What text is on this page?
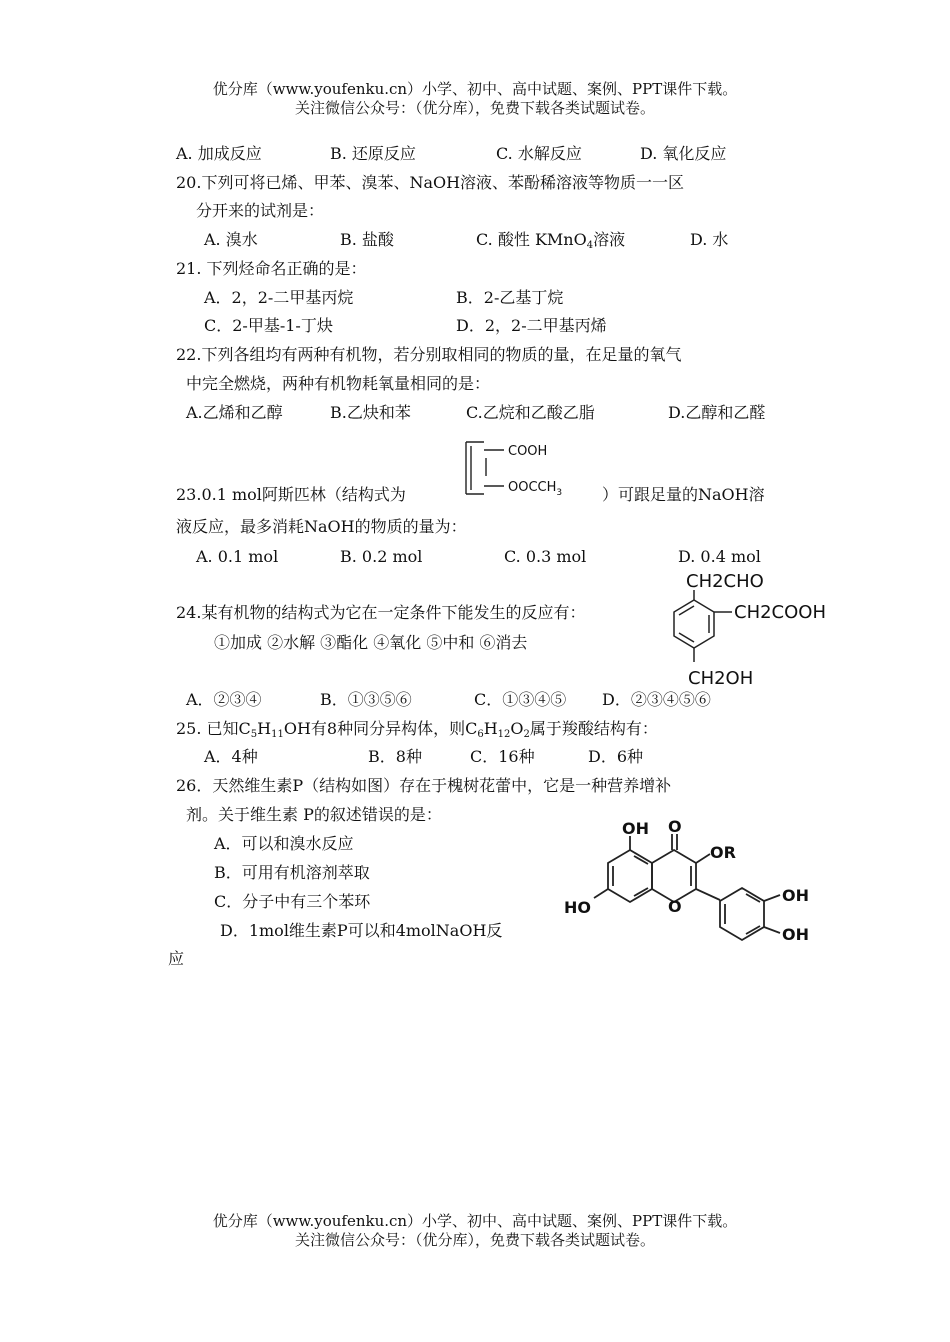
优分库（www.youfenku.cn）小学、初中、高中试题、案例、PPT课件下载。
关注微信公众号：（优分库），免费下载各类试题试卷。
A. 加成反应	B. 还原反应	C. 水解反应	D. 氧化反应
20.下列可将已烯、甲苯、溴苯、NaOH溶液、苯酚稀溶液等物质一一区
分开来的试剂是：
A. 溴水	B. 盐酸	C. 酸性 KMnO$_4$溶液	D. 水
21. 下列烃命名正确的是：
A．2，2-二甲基丙烷	B．2-乙基丁烷
C．2-甲基-1-丁炔	D．2，2-二甲基丙烯
22.下列各组均有两种有机物，若分别取相同的物质的量，在足量的氧气
中完全燃烧，两种有机物耗氧量相同的是：
A.乙烯和乙醇	B.乙炔和苯	C.乙烷和乙酸乙脂	D.乙醇和乙醛
COOH
$OOCCH_3$
23.0.1 mol阿斯匹林（结构式为	）可跟足量的NaOH溶
液反应，最多消耗NaOH的物质的量为：
A. 0.1 mol	B. 0.2 mol	C. 0.3 mol	D. 0.4 mol
24.某有机物的结构式为它在一定条件下能发生的反应有：
①加成 ②水解 ③酯化 ④氧化 ⑤中和 ⑥消去
CH2CHO
CH2COOH
CH2OH
A．②③④	B．①③⑤⑥	C．①③④⑤ D．②③④⑤⑥
25. 已知$C_5H_{11}OH$有8种同分异构体，则$C_6H_{12}O_2$属于羧酸结构有：
A．4种	B．8种	C．16种	D．6种
26．天然维生素P（结构如图）存在于槐树花蕾中，它是一种营养增补
剂。关于维生素 P的叙述错误的是：
A．可以和溴水反应
B．可用有机溶剂萃取
C．分子中有三个苯环
D．1mol维生素P可以和4molNaOH反
应
OH O
OR
HO	O
OH
OH
优分库（www.youfenku.cn）小学、初中、高中试题、案例、PPT课件下载。
关注微信公众号：（优分库），免费下载各类试题试卷。
